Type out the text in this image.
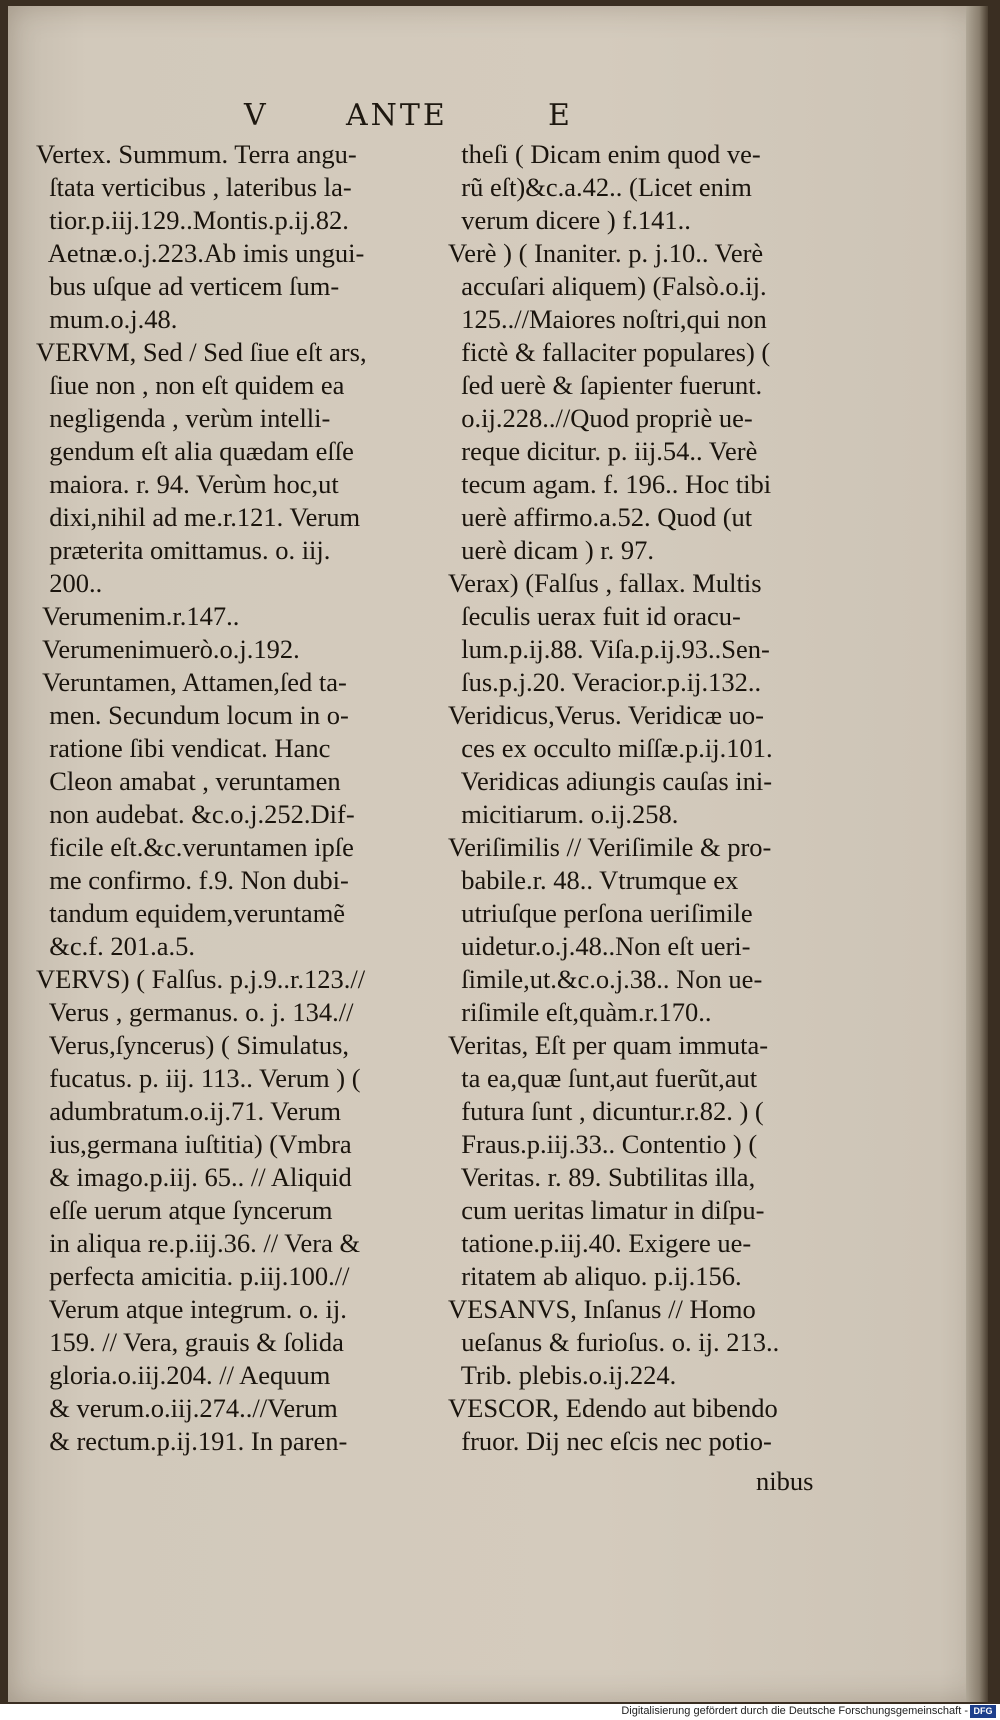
V	ANTE	E
Vertex. Summum. Terra angu-
ſtata verticibus , lateribus la-
tior.p.iij.129..Montis.p.ij.82.
Aetnæ.o.j.223.Ab imis ungui-
bus uſque ad verticem ſum-
mum.o.j.48.
VERVM, Sed / Sed ſiue eſt ars,
ſiue non , non eſt quidem ea
negligenda , verùm intelli-
gendum eſt alia quædam eſſe
maiora. r. 94. Verùm hoc,ut
dixi,nihil ad me.r.121. Verum
præterita omittamus. o. iij.
200..
Verumenim.r.147..
Verumenimuerò.o.j.192.
Veruntamen, Attamen,ſed ta-
men. Secundum locum in o-
ratione ſibi vendicat. Hanc
Cleon amabat , veruntamen
non audebat. &c.o.j.252.Dif-
ficile eſt.&c.veruntamen ipſe
me confirmo. f.9. Non dubi-
tandum equidem,veruntamẽ
&c.f. 201.a.5.
VERVS) ( Falſus. p.j.9..r.123.//
Verus , germanus. o. j. 134.//
Verus,ſyncerus) ( Simulatus,
fucatus. p. iij. 113.. Verum ) (
adumbratum.o.ij.71. Verum
ius,germana iuſtitia) (Vmbra
& imago.p.iij. 65.. // Aliquid
eſſe uerum atque ſyncerum
in aliqua re.p.iij.36. // Vera &
perfecta amicitia. p.iij.100.//
Verum atque integrum. o. ij.
159. // Vera, grauis & ſolida
gloria.o.iij.204. // Aequum
& verum.o.iij.274..//Verum
& rectum.p.ij.191. In paren-
theſi ( Dicam enim quod ve-
rũ eſt)&c.a.42.. (Licet enim
verum dicere ) f.141..
Verè ) ( Inaniter. p. j.10.. Verè
accuſari aliquem) (Falsò.o.ij.
125..//Maiores noſtri,qui non
fictè & fallaciter populares) (
ſed uerè & ſapienter fuerunt.
o.ij.228..//Quod propriè ue-
reque dicitur. p. iij.54.. Verè
tecum agam. f. 196.. Hoc tibi
uerè affirmo.a.52. Quod (ut
uerè dicam ) r. 97.
Verax) (Falſus , fallax. Multis
ſeculis uerax fuit id oracu-
lum.p.ij.88. Viſa.p.ij.93..Sen-
ſus.p.j.20. Veracior.p.ij.132..
Veridicus,Verus. Veridicæ uo-
ces ex occulto miſſæ.p.ij.101.
Veridicas adiungis cauſas ini-
micitiarum. o.ij.258.
Veriſimilis // Veriſimile & pro-
babile.r. 48.. Vtrumque ex
utriuſque perſona ueriſimile
uidetur.o.j.48..Non eſt ueri-
ſimile,ut.&c.o.j.38.. Non ue-
riſimile eſt,quàm.r.170..
Veritas, Eſt per quam immuta-
ta ea,quæ ſunt,aut fuerũt,aut
futura ſunt , dicuntur.r.82. ) (
Fraus.p.iij.33.. Contentio ) (
Veritas. r. 89. Subtilitas illa,
cum ueritas limatur in diſpu-
tatione.p.iij.40. Exigere ue-
ritatem ab aliquo. p.ij.156.
VESANVS, Inſanus // Homo
ueſanus & furioſus. o. ij. 213..
Trib. plebis.o.ij.224.
VESCOR, Edendo aut bibendo
fruor. Dij nec eſcis nec potio-
nibus
Digitalisierung gefördert durch die Deutsche Forschungsgemeinschaft - DFG
